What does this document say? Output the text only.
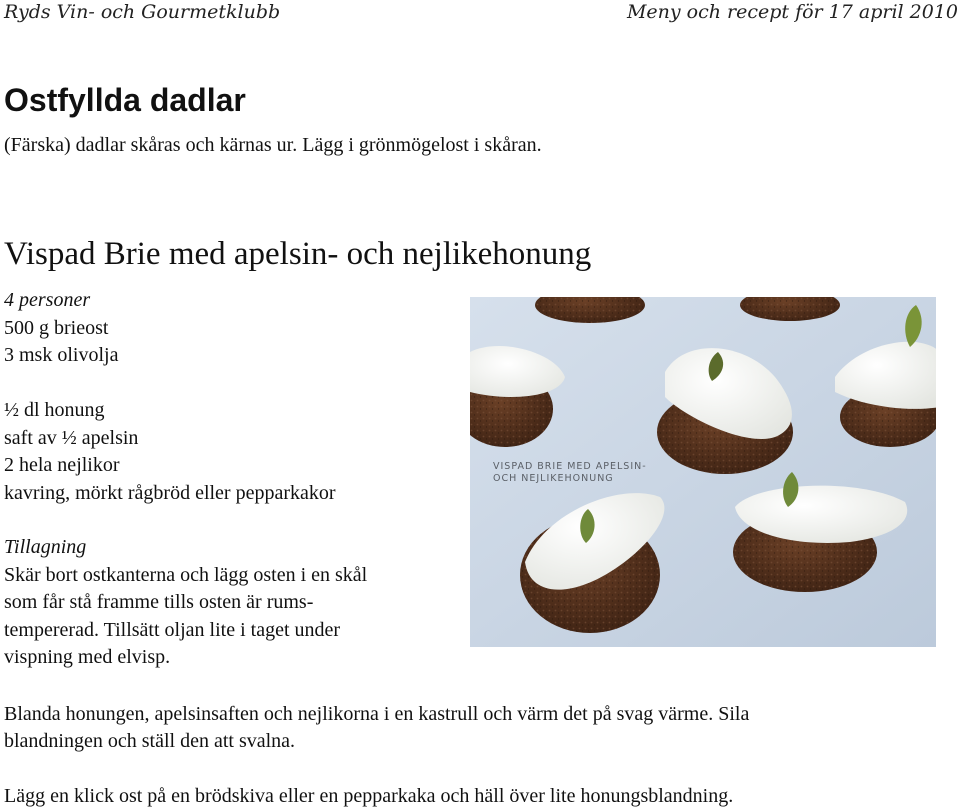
Ryds Vin- och Gourmetklubb	Meny och recept för 17 april 2010
Ostfyllda dadlar
(Färska) dadlar skåras och kärnas ur. Lägg i grönmögelost i skåran.
Vispad Brie med apelsin- och nejlikehonung
4 personer
500 g brieost
3 msk olivolja
½ dl honung
saft av ½ apelsin
2 hela nejlikor
kavring, mörkt rågbröd eller pepparkakor
Tillagning
Skär bort ostkanterna och lägg osten i en skål
som får stå framme tills osten är rums-
tempererad. Tillsätt oljan lite i taget under
vispning med elvisp.
VISPAD BRIE MED APELSIN-
OCH NEJLIKEHONUNG
Blanda honungen, apelsinsaften och nejlikorna i en kastrull och värm det på svag värme. Sila
blandningen och ställ den att svalna.
Lägg en klick ost på en brödskiva eller en pepparkaka och häll över lite honungsblandning.
